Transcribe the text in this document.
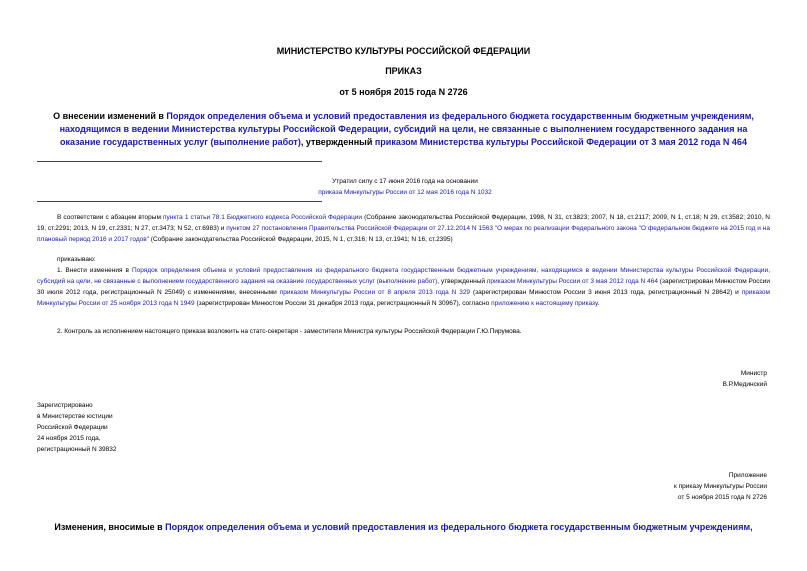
МИНИСТЕРСТВО КУЛЬТУРЫ РОССИЙСКОЙ ФЕДЕРАЦИИ
ПРИКАЗ
от 5 ноября 2015 года N 2726
О внесении изменений в Порядок определения объема и условий предоставления из федерального бюджета государственным бюджетным учреждениям, находящимся в ведении Министерства культуры Российской Федерации, субсидий на цели, не связанные с выполнением государственного задания на оказание государственных услуг (выполнение работ), утвержденный приказом Министерства культуры Российской Федерации от 3 мая 2012 года N 464
Утратил силу с 17 июня 2016 года на основании
приказа Минкультуры России от 12 мая 2016 года N 1032
В соответствии с абзацем вторым пункта 1 статьи 78.1 Бюджетного кодекса Российской Федерации (Собрание законодательства Российской Федерации, 1998, N 31, ст.3823; 2007, N 18, ст.2117; 2009, N 1, ст.18; N 29, ст.3582; 2010, N 19, ст.2291; 2013, N 19, ст.2331; N 27, ст.3473; N 52, ст.6983) и пунктом 27 постановления Правительства Российской Федерации от 27.12.2014 N 1563 "О мерах по реализации Федерального закона "О федеральном бюджете на 2015 год и на плановый период 2016 и 2017 годов" (Собрание законодательства Российской Федерации, 2015, N 1, ст.316; N 13, ст.1941; N 16, ст.2395)
приказываю:
1. Внести изменения в Порядок определения объема и условий предоставления из федерального бюджета государственным бюджетным учреждениям, находящимся в ведении Министерства культуры Российской Федерации, субсидий на цели, не связанные с выполнением государственного задания на оказание государственных услуг (выполнение работ), утвержденный приказом Минкультуры России от 3 мая 2012 года N 464 (зарегистрирован Минюстом России 30 июля 2012 года, регистрационный N 25049) с изменениями, внесенными приказом Минкультуры России от 8 апреля 2013 года N 329 (зарегистрирован Минюстом России 3 июня 2013 года, регистрационный N 28642) и приказом Минкультуры России от 25 ноября 2013 года N 1949 (зарегистрирован Минюстом России 31 декабря 2013 года, регистрационный N 30967), согласно приложению к настоящему приказу.
2. Контроль за исполнением настоящего приказа возложить на статс-секретаря - заместителя Министра культуры Российской Федерации Г.Ю.Пирумова.
Министр
В.Р.Мединский
Зарегистрировано
в Министерстве юстиции
Российской Федерации
24 ноября 2015 года,
регистрационный N 39832
Приложение
к приказу Минкультуры России
от 5 ноября 2015 года N 2726
Изменения, вносимые в Порядок определения объема и условий предоставления из федерального бюджета государственным бюджетным учреждениям,
